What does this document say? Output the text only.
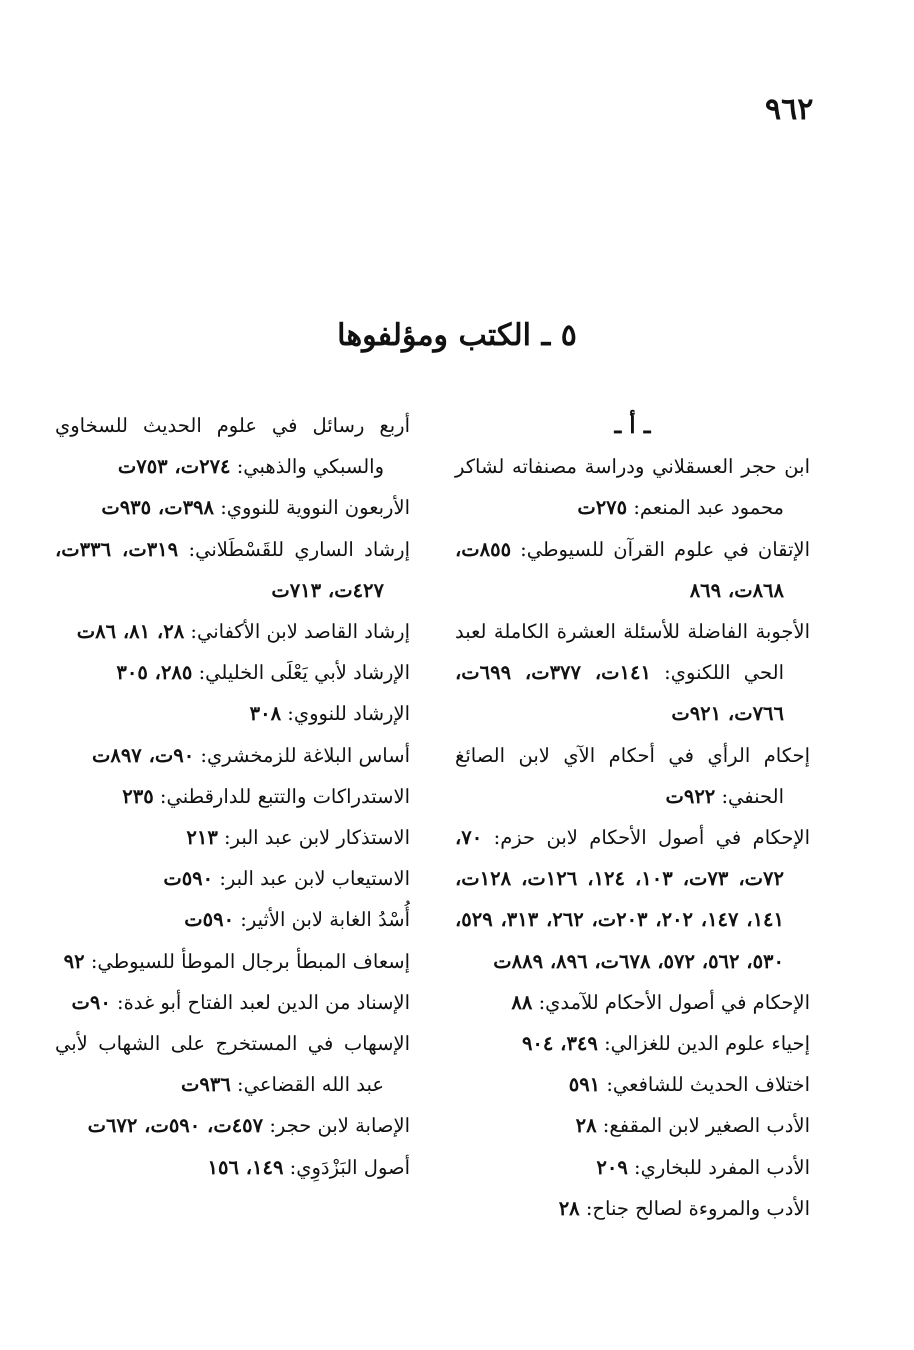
٩٦٢
٥ ـ الكتب ومؤلفوها
ـ أ ـ
ابن حجر العسقلاني ودراسة مصنفاته لشاكر محمود عبد المنعم: ٢٧٥ت
الإتقان في علوم القرآن للسيوطي: ٨٥٥ت، ٨٦٨ت، ٨٦٩
الأجوبة الفاضلة للأسئلة العشرة الكاملة لعبد الحي اللكنوي: ١٤١ت، ٣٧٧ت، ٦٩٩ت، ٧٦٦ت، ٩٢١ت
إحكام الرأي في أحكام الآي لابن الصائغ الحنفي: ٩٢٢ت
الإحكام في أصول الأحكام لابن حزم: ٧٠، ٧٢ت، ٧٣ت، ١٠٣، ١٢٤، ١٢٦ت، ١٢٨ت، ١٤١، ١٤٧، ٢٠٢، ٢٠٣ت، ٢٦٢، ٣١٣، ٥٢٩، ٥٣٠، ٥٦٢، ٥٧٢، ٦٧٨ت، ٨٩٦، ٨٨٩ت
الإحكام في أصول الأحكام للآمدي: ٨٨
إحياء علوم الدين للغزالي: ٣٤٩، ٩٠٤
اختلاف الحديث للشافعي: ٥٩١
الأدب الصغير لابن المقفع: ٢٨
الأدب المفرد للبخاري: ٢٠٩
الأدب والمروءة لصالح جناح: ٢٨
أربع رسائل في علوم الحديث للسخاوي والسبكي والذهبي: ٢٧٤ت، ٧٥٣ت
الأربعون النووية للنووي: ٣٩٨ت، ٩٣٥ت
إرشاد الساري للقَسْطَلاني: ٣١٩ت، ٣٣٦ت، ٤٢٧ت، ٧١٣ت
إرشاد القاصد لابن الأكفاني: ٢٨، ٨١، ٨٦ت
الإرشاد لأبي يَعْلَى الخليلي: ٢٨٥، ٣٠٥
الإرشاد للنووي: ٣٠٨
أساس البلاغة للزمخشري: ٩٠ت، ٨٩٧ت
الاستدراكات والتتبع للدارقطني: ٢٣٥
الاستذكار لابن عبد البر: ٢١٣
الاستيعاب لابن عبد البر: ٥٩٠ت
أُسْدُ الغابة لابن الأثير: ٥٩٠ت
إسعاف المبطأ برجال الموطأ للسيوطي: ٩٢
الإسناد من الدين لعبد الفتاح أبو غدة: ٩٠ت
الإسهاب في المستخرج على الشهاب لأبي عبد الله القضاعي: ٩٣٦ت
الإصابة لابن حجر: ٤٥٧ت، ٥٩٠ت، ٦٧٢ت
أصول البَزْدَوِي: ١٤٩، ١٥٦
